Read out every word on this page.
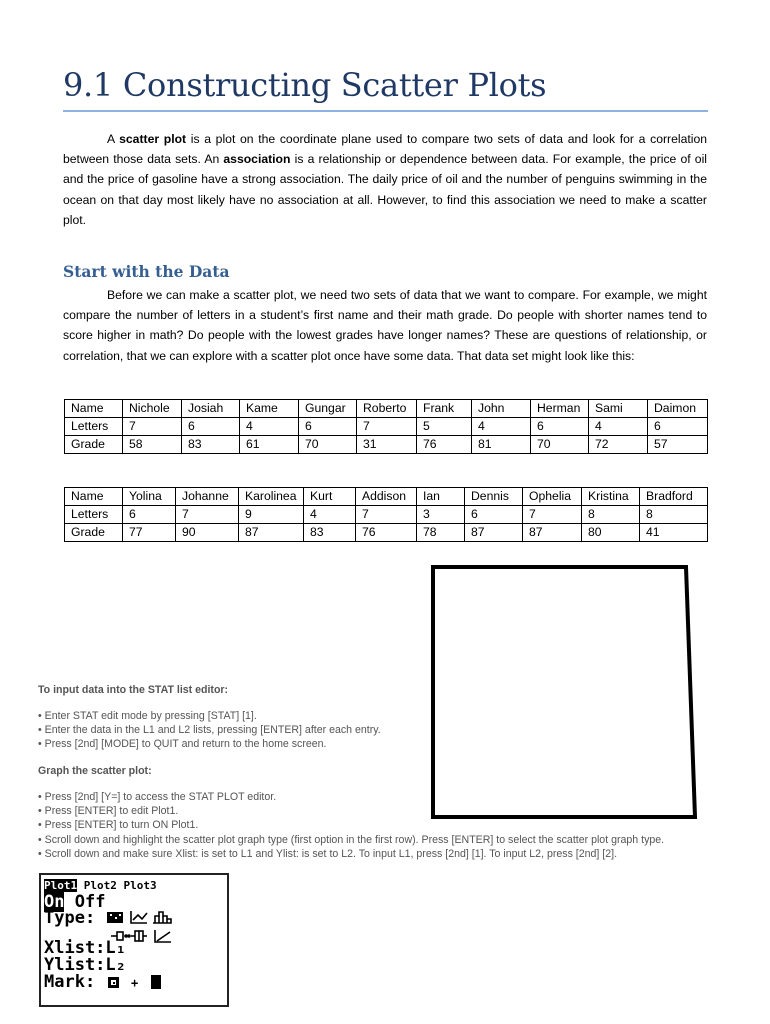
9.1 Constructing Scatter Plots

A scatter plot is a plot on the coordinate plane used to compare two sets of data and look for a correlation between those data sets. An association is a relationship or dependence between data. For example, the price of oil and the price of gasoline have a strong association. The daily price of oil and the number of penguins swimming in the ocean on that day most likely have no association at all. However, to find this association we need to make a scatter plot.

Start with the Data

Before we can make a scatter plot, we need two sets of data that we want to compare. For example, we might compare the number of letters in a student’s first name and their math grade. Do people with shorter names tend to score higher in math? Do people with the lowest grades have longer names? These are questions of relationship, or correlation, that we can explore with a scatter plot once have some data. That data set might look like this:

Name	Nichole	Josiah	Kame	Gungar	Roberto	Frank	John	Herman	Sami	Daimon
Letters	7	6	4	6	7	5	4	6	4	6
Grade	58	83	61	70	31	76	81	70	72	57
Name	Yolina	Johanne	Karolinea	Kurt	Addison	Ian	Dennis	Ophelia	Kristina	Bradford
Letters	6	7	9	4	7	3	6	7	8	8
Grade	77	90	87	83	76	78	87	87	80	41
To input data into the STAT list editor:
• Enter STAT edit mode by pressing [STAT] [1].
• Enter the data in the L1 and L2 lists, pressing [ENTER] after each entry.
• Press [2nd] [MODE] to QUIT and return to the home screen.
Graph the scatter plot:
• Press [2nd] [Y=] to access the STAT PLOT editor.
• Press [ENTER] to edit Plot1.
• Press [ENTER] to turn ON Plot1.
• Scroll down and highlight the scatter plot graph type (first option in the first row). Press [ENTER] to select the scatter plot graph type.
• Scroll down and make sure Xlist: is set to L1 and Ylist: is set to L2. To input L1, press [2nd] [1]. To input L2, press [2nd] [2].
Plot1 Plot2 Plot3
On Off
Type:
Xlist:L₁
Ylist:L₂
Mark:	+
